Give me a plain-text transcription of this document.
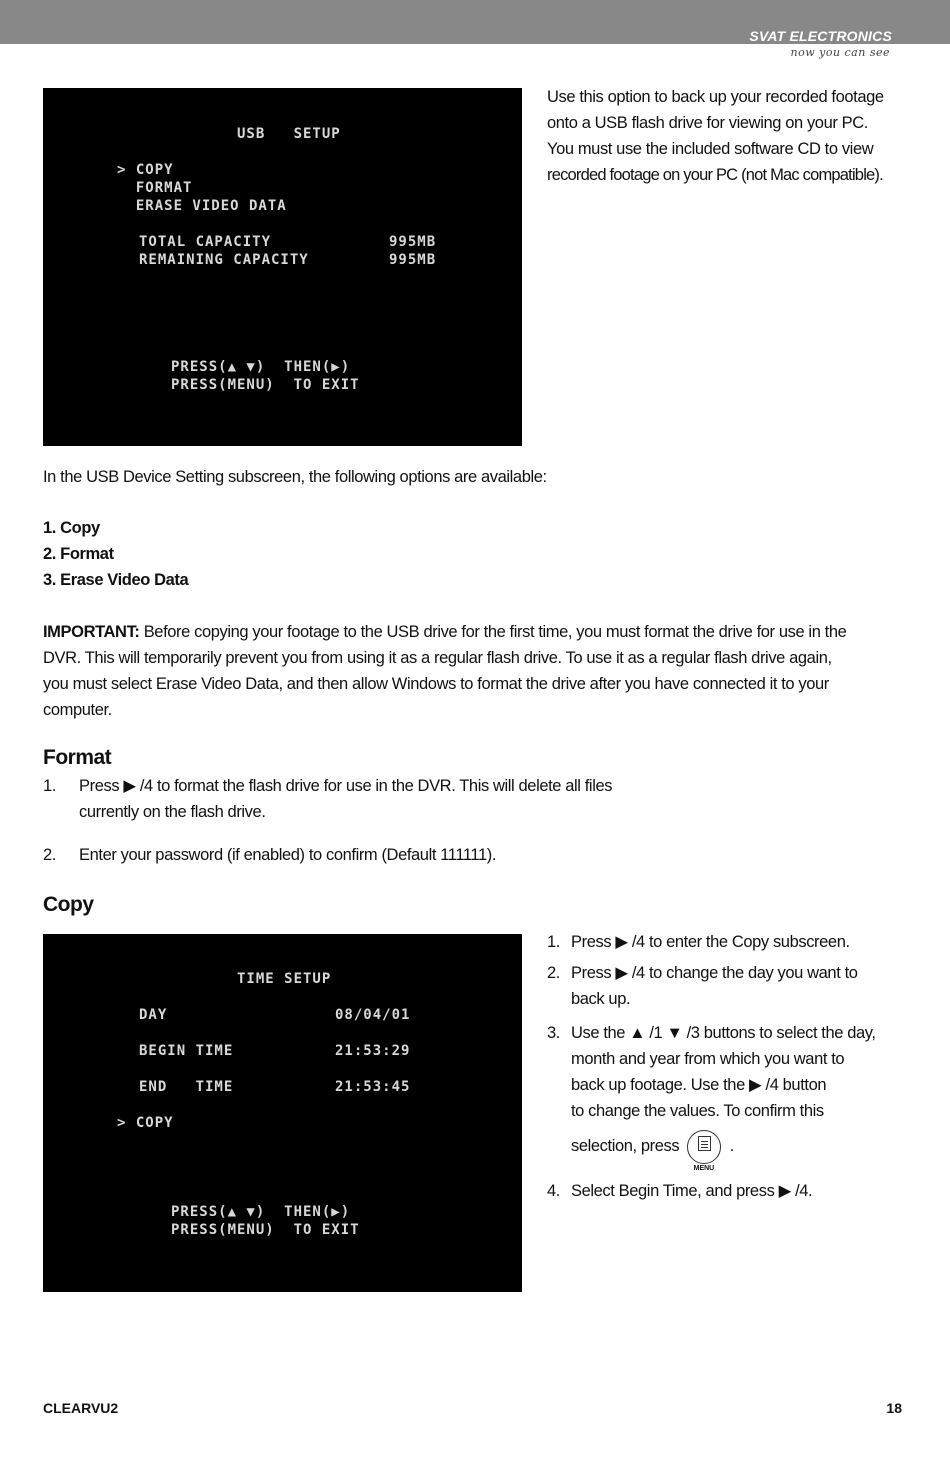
SVAT ELECTRONICS
now you can see
USB   SETUP
> COPY
FORMAT
ERASE VIDEO DATA
TOTAL CAPACITY	995MB
REMAINING CAPACITY	995MB
PRESS(▲ ▼)  THEN(▶)
PRESS(MENU)  TO EXIT
Use this option to back up your recorded footage
onto a USB flash drive for viewing on your PC.
You must use the included software CD to view
recorded footage on your PC (not Mac compatible).
In the USB Device Setting subscreen, the following options are available:
1. Copy
2. Format
3. Erase Video Data
IMPORTANT: Before copying your footage to the USB drive for the first time, you must format the drive for use in the
DVR. This will temporarily prevent you from using it as a regular flash drive. To use it as a regular flash drive again,
you must select Erase Video Data, and then allow Windows to format the drive after you have connected it to your
computer.
Format
1. Press ▶ /4 to format the flash drive for use in the DVR. This will delete all files
currently on the flash drive.
2. Enter your password (if enabled) to confirm (Default 111111).
Copy
TIME SETUP
DAY	08/04/01
BEGIN TIME	21:53:29
END   TIME	21:53:45
> COPY
PRESS(▲ ▼)  THEN(▶)
PRESS(MENU)  TO EXIT
1. Press ▶ /4 to enter the Copy subscreen.
2. Press ▶ /4 to change the day you want to
back up.
3. Use the ▲ /1 ▼ /3 buttons to select the day,
month and year from which you want to
back up footage. Use the ▶ /4 button
to change the values. To confirm this
selection, press
MENU
.
4. Select Begin Time, and press ▶ /4.
CLEARVU2	18
